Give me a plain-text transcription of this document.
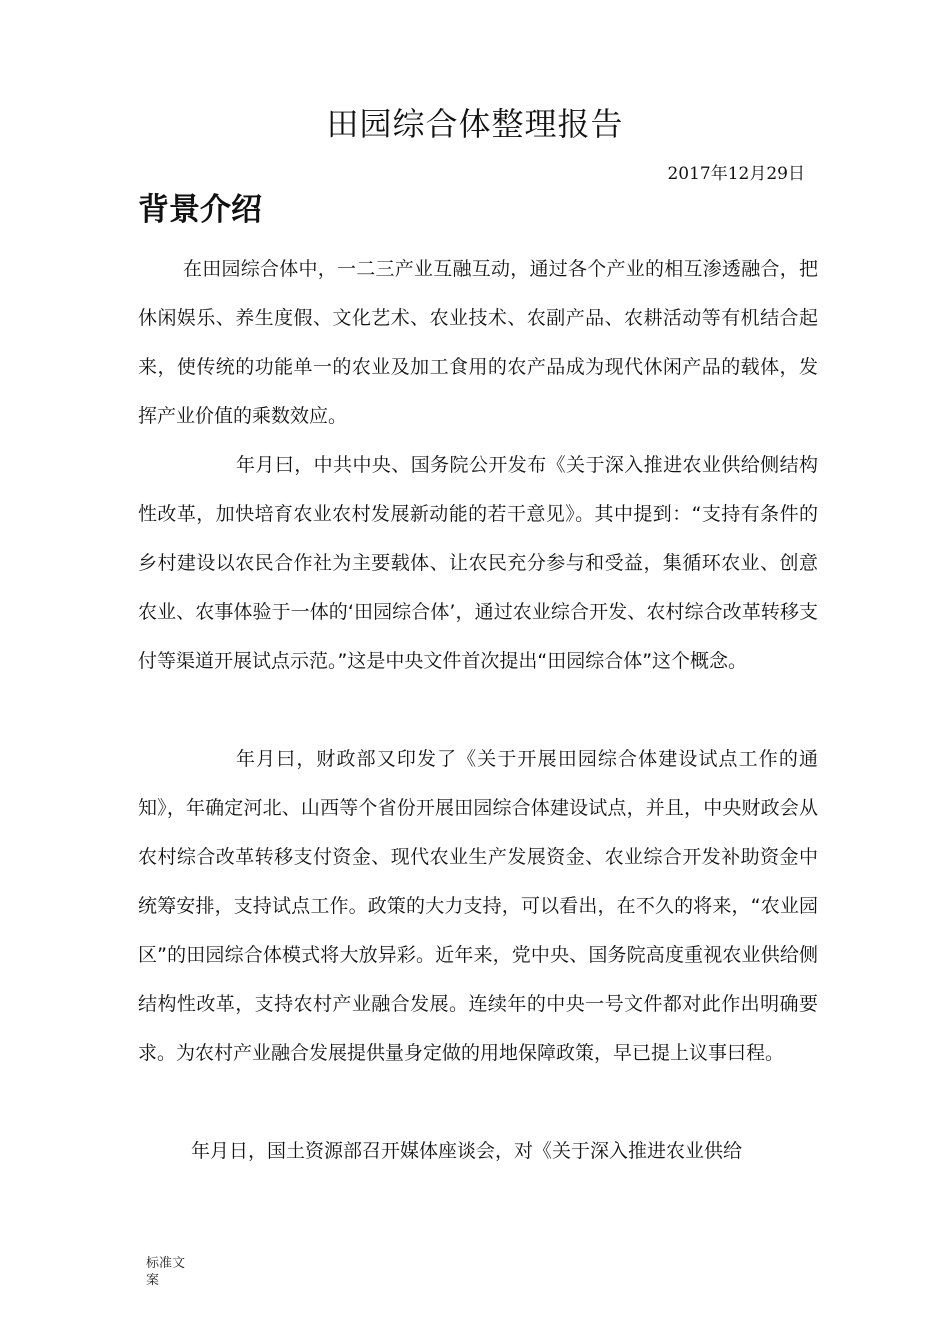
田园综合体整理报告
2017年12月29日
背景介绍

在田园综合体中，一二三产业互融互动，通过各个产业的相互渗透融合，把休闲娱乐、养生度假、文化艺术、农业技术、农副产品、农耕活动等有机结合起来，使传统的功能单一的农业及加工食用的农产品成为现代休闲产品的载体，发挥产业价值的乘数效应。

年月曰，中共中央、国务院公开发布《关于深入推进农业供给侧结构性改革，加快培育农业农村发展新动能的若干意见》。其中提到：“支持有条件的乡村建设以农民合作社为主要载体、让农民充分参与和受益，集循环农业、创意农业、农事体验于一体的‘田园综合体’，通过农业综合开发、农村综合改革转移支付等渠道开展试点示范。”这是中央文件首次提出“田园综合体”这个概念。

年月曰，财政部又印发了《关于开展田园综合体建设试点工作的通知》，年确定河北、山西等个省份开展田园综合体建设试点，并且，中央财政会从农村综合改革转移支付资金、现代农业生产发展资金、农业综合开发补助资金中统筹安排，支持试点工作。政策的大力支持，可以看出，在不久的将来，“农业园区”的田园综合体模式将大放异彩。近年来，党中央、国务院高度重视农业供给侧结构性改革，支持农村产业融合发展。连续年的中央一号文件都对此作出明确要求。为农村产业融合发展提供量身定做的用地保障政策，早已提上议事曰程。

年月日，国土资源部召开媒体座谈会，对《关于深入推进农业供给

标准文案
